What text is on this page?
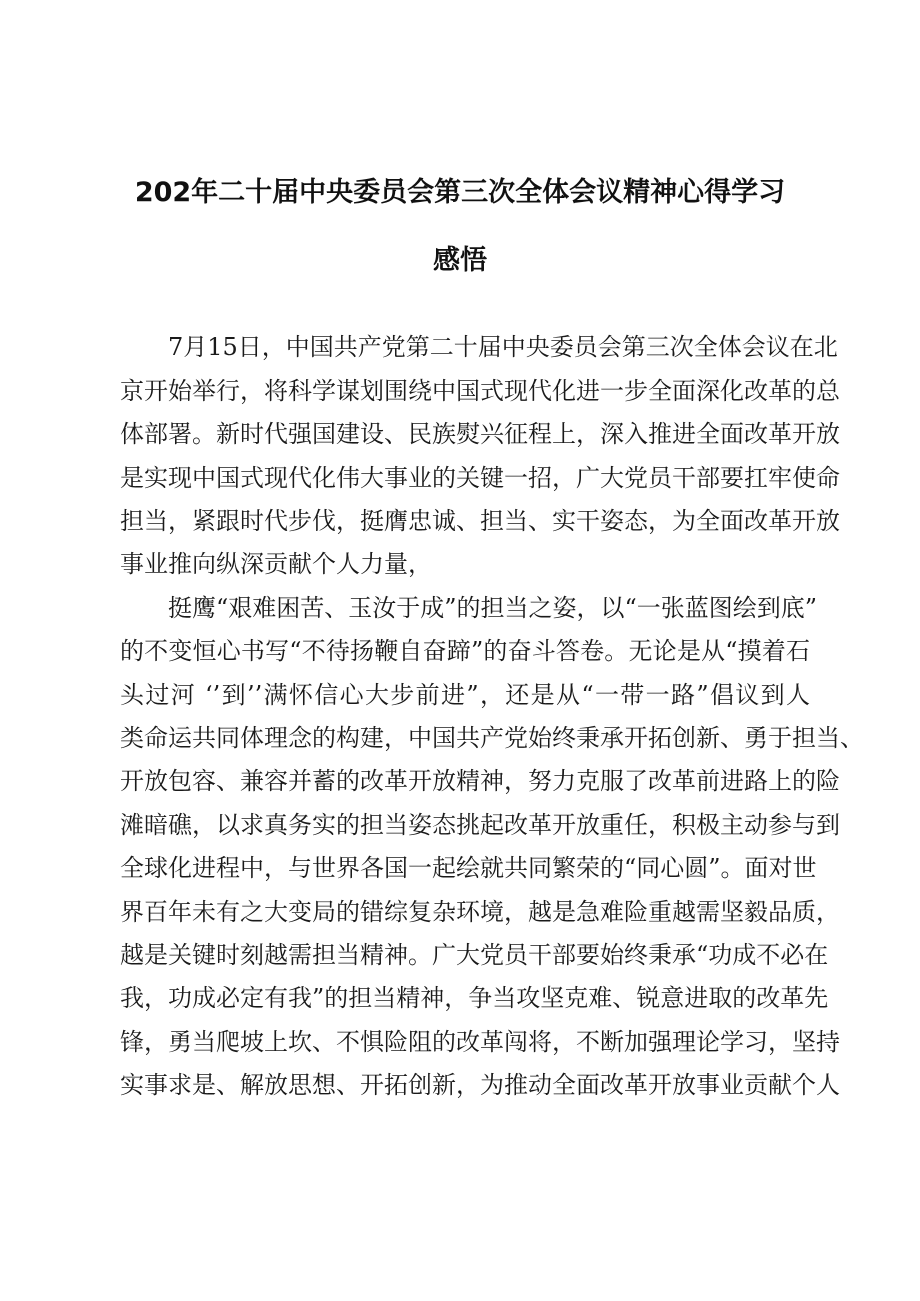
202年二十届中央委员会第三次全体会议精神心得学习
感悟
7月15日，中国共产党第二十届中央委员会第三次全体会议在北
京开始举行，将科学谋划围绕中国式现代化进一步全面深化改革的总
体部署。新时代强国建设、民族熨兴征程上，深入推进全面改革开放
是实现中国式现代化伟大事业的关键一招，广大党员干部要扛牢使命
担当，紧跟时代步伐，挺膺忠诚、担当、实干姿态，为全面改革开放
事业推向纵深贡献个人力量，
挺鹰“艰难困苦、玉汝于成”的担当之姿，以“一张蓝图绘到底”
的不变恒心书写“不待扬鞭自奋蹄”的奋斗答卷。无论是从“摸着石
头过河 ‘’到’’满怀信心大步前进”，还是从“一带一路”倡议到人
类命运共同体理念的构建，中国共产党始终秉承开拓创新、勇于担当、
开放包容、兼容并蓄的改革开放精神，努力克服了改革前进路上的险
滩暗礁，以求真务实的担当姿态挑起改革开放重任，积极主动参与到
全球化进程中，与世界各国一起绘就共同繁荣的“同心圆”。面对世
界百年未有之大变局的错综复杂环境，越是急难险重越需坚毅品质，
越是关键时刻越需担当精神。广大党员干部要始终秉承“功成不必在
我，功成必定有我”的担当精神，争当攻坚克难、锐意进取的改革先
锋，勇当爬坡上坎、不惧险阻的改革闯将，不断加强理论学习，坚持
实事求是、解放思想、开拓创新，为推动全面改革开放事业贡献个人
